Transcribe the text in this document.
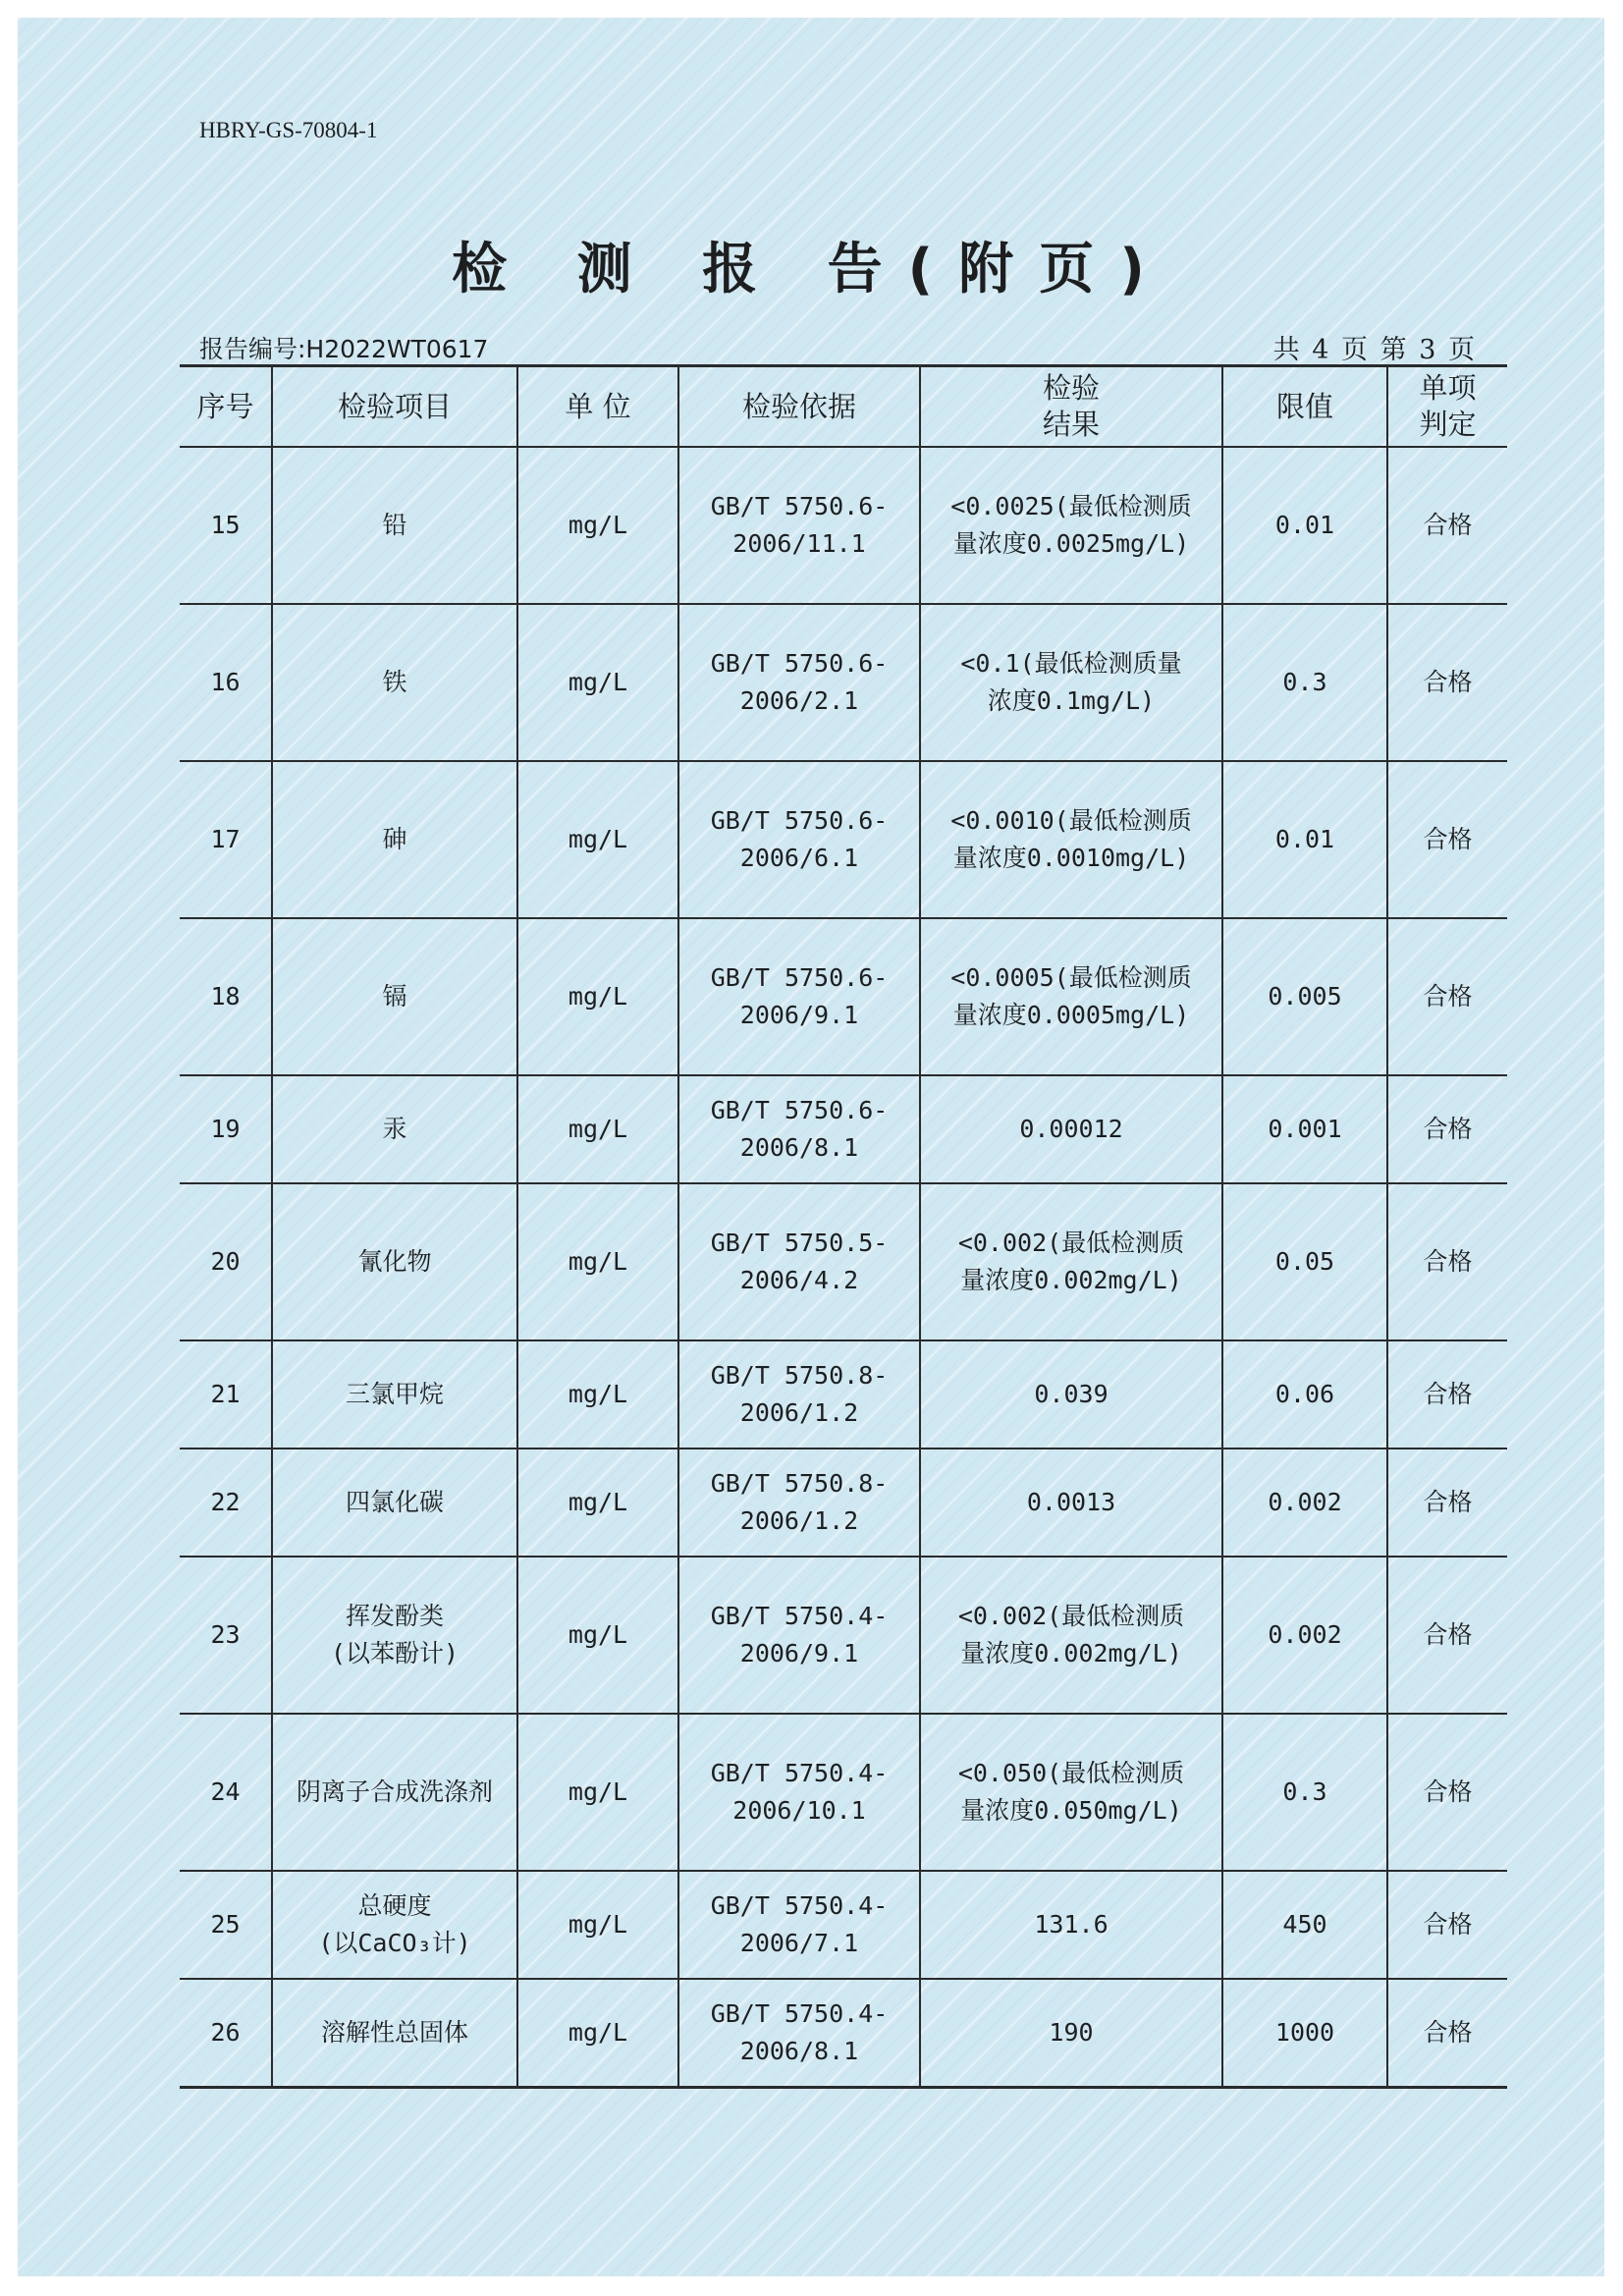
HBRY-GS-70804-1
检 测 报 告(附页)
报告编号:H2022WT0617	共 4 页 第 3 页
序号	检验项目	单 位	检验依据	检验
结果	限值	单项
判定
15	铅	mg/L	GB/T 5750.6-
2006/11.1	<0.0025(最低检测质
量浓度0.0025mg/L)	0.01	合格
16	铁	mg/L	GB/T 5750.6-
2006/2.1	<0.1(最低检测质量
浓度0.1mg/L)	0.3	合格
17	砷	mg/L	GB/T 5750.6-
2006/6.1	<0.0010(最低检测质
量浓度0.0010mg/L)	0.01	合格
18	镉	mg/L	GB/T 5750.6-
2006/9.1	<0.0005(最低检测质
量浓度0.0005mg/L)	0.005	合格
19	汞	mg/L	GB/T 5750.6-
2006/8.1	0.00012	0.001	合格
20	氰化物	mg/L	GB/T 5750.5-
2006/4.2	<0.002(最低检测质
量浓度0.002mg/L)	0.05	合格
21	三氯甲烷	mg/L	GB/T 5750.8-
2006/1.2	0.039	0.06	合格
22	四氯化碳	mg/L	GB/T 5750.8-
2006/1.2	0.0013	0.002	合格
23	挥发酚类
(以苯酚计)	mg/L	GB/T 5750.4-
2006/9.1	<0.002(最低检测质
量浓度0.002mg/L)	0.002	合格
24	阴离子合成洗涤剂	mg/L	GB/T 5750.4-
2006/10.1	<0.050(最低检测质
量浓度0.050mg/L)	0.3	合格
25	总硬度
(以CaCO₃计)	mg/L	GB/T 5750.4-
2006/7.1	131.6	450	合格
26	溶解性总固体	mg/L	GB/T 5750.4-
2006/8.1	190	1000	合格
